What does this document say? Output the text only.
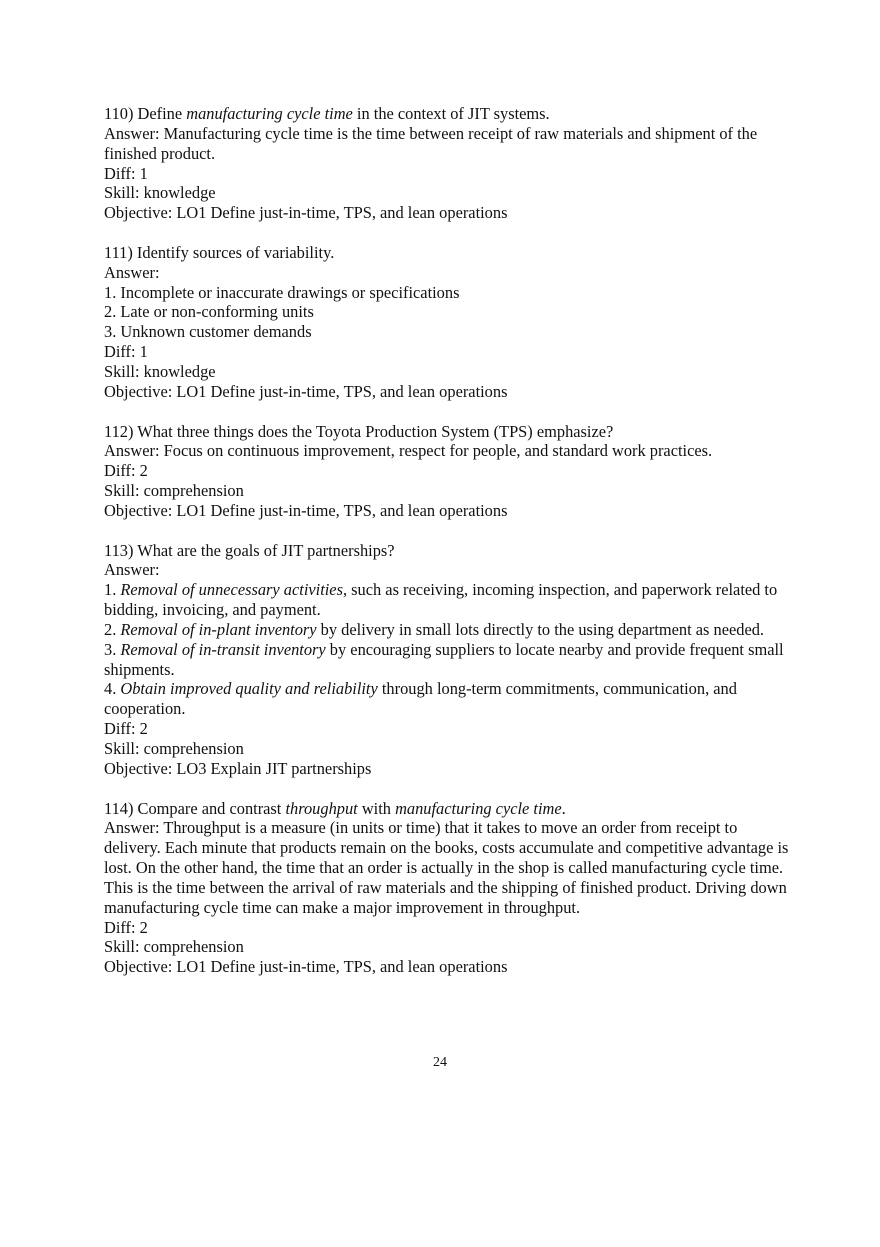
110) Define manufacturing cycle time in the context of JIT systems.
Answer: Manufacturing cycle time is the time between receipt of raw materials and shipment of the finished product.
Diff: 1
Skill: knowledge
Objective: LO1 Define just-in-time, TPS, and lean operations
111) Identify sources of variability.
Answer:
1. Incomplete or inaccurate drawings or specifications
2. Late or non-conforming units
3. Unknown customer demands
Diff: 1
Skill: knowledge
Objective: LO1 Define just-in-time, TPS, and lean operations
112) What three things does the Toyota Production System (TPS) emphasize?
Answer: Focus on continuous improvement, respect for people, and standard work practices.
Diff: 2
Skill: comprehension
Objective: LO1 Define just-in-time, TPS, and lean operations
113) What are the goals of JIT partnerships?
Answer:
1. Removal of unnecessary activities, such as receiving, incoming inspection, and paperwork related to bidding, invoicing, and payment.
2. Removal of in-plant inventory by delivery in small lots directly to the using department as needed.
3. Removal of in-transit inventory by encouraging suppliers to locate nearby and provide frequent small shipments.
4. Obtain improved quality and reliability through long-term commitments, communication, and cooperation.
Diff: 2
Skill: comprehension
Objective: LO3 Explain JIT partnerships
114) Compare and contrast throughput with manufacturing cycle time.
Answer: Throughput is a measure (in units or time) that it takes to move an order from receipt to delivery. Each minute that products remain on the books, costs accumulate and competitive advantage is lost. On the other hand, the time that an order is actually in the shop is called manufacturing cycle time. This is the time between the arrival of raw materials and the shipping of finished product. Driving down manufacturing cycle time can make a major improvement in throughput.
Diff: 2
Skill: comprehension
Objective: LO1 Define just-in-time, TPS, and lean operations
24
